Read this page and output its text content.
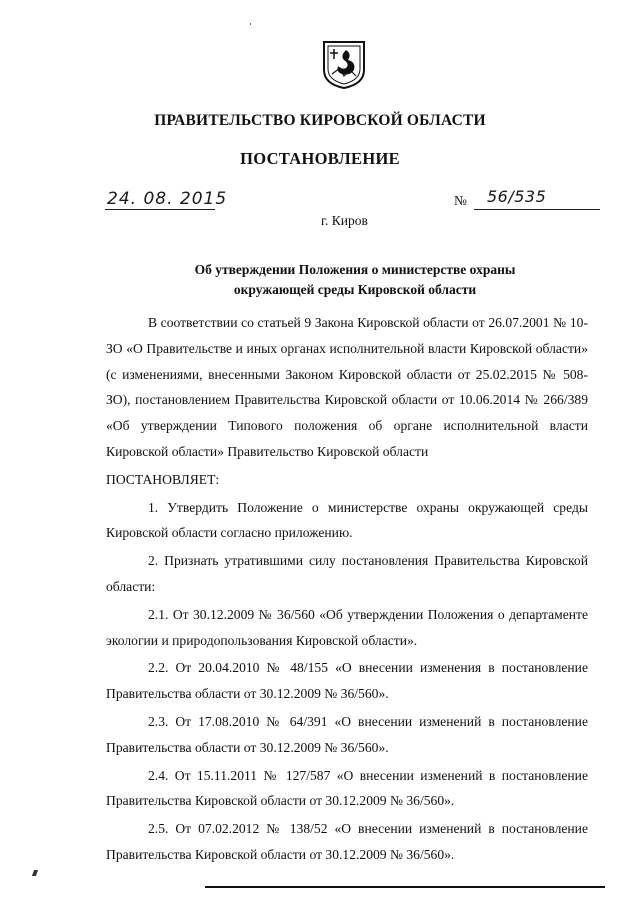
ПРАВИТЕЛЬСТВО КИРОВСКОЙ ОБЛАСТИ
ПОСТАНОВЛЕНИЕ
24. 08. 2015	№ 56/535
г. Киров
Об утверждении Положения о министерстве охраны
окружающей среды Кировской области

В соответствии со статьей 9 Закона Кировской области от 26.07.2001 № 10-ЗО «О Правительстве и иных органах исполнительной власти Кировской области» (с изменениями, внесенными Законом Кировской области от 25.02.2015 № 508-ЗО), постановлением Правительства Кировской области от 10.06.2014 № 266/389 «Об утверждении Типового положения об органе исполнительной власти Кировской области» Правительство Кировской области

ПОСТАНОВЛЯЕТ:

1. Утвердить Положение о министерстве охраны окружающей среды Кировской области согласно приложению.

2. Признать утратившими силу постановления Правительства Кировской области:

2.1. От 30.12.2009 № 36/560 «Об утверждении Положения о департаменте экологии и природопользования Кировской области».

2.2. От 20.04.2010 № 48/155 «О внесении изменения в постановление Правительства области от 30.12.2009 № 36/560».

2.3. От 17.08.2010 № 64/391 «О внесении изменений в постановление Правительства области от 30.12.2009 № 36/560».

2.4. От 15.11.2011 № 127/587 «О внесении изменений в постановление Правительства Кировской области от 30.12.2009 № 36/560».

2.5. От 07.02.2012 № 138/52 «О внесении изменений в постановление Правительства Кировской области от 30.12.2009 № 36/560».
